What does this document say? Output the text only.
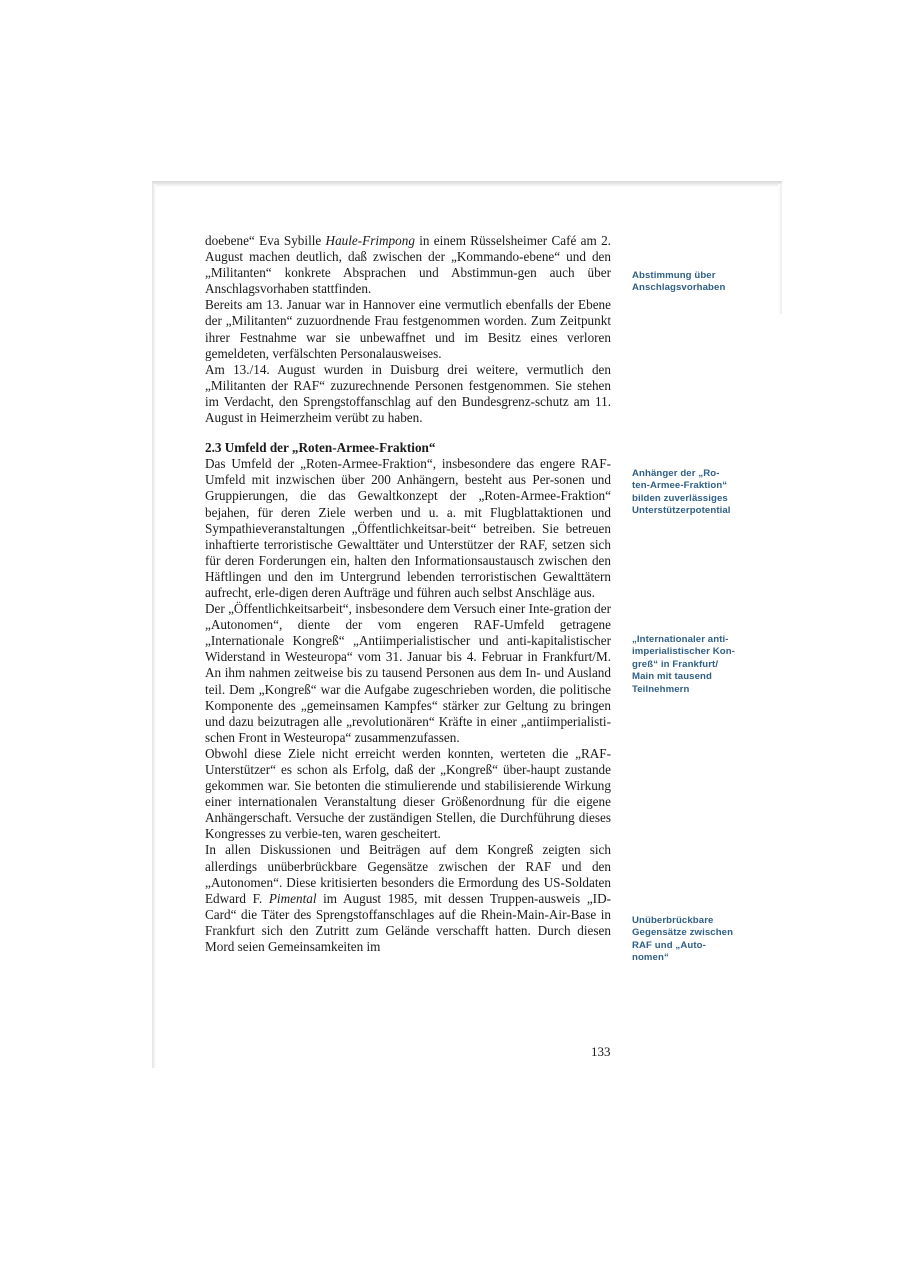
doebene“ Eva Sybille Haule-Frimpong in einem Rüsselsheimer Café am 2. August machen deutlich, daß zwischen der „Kommando-ebene“ und den „Militanten“ konkrete Absprachen und Abstimmun-gen auch über Anschlagsvorhaben stattfinden.

Bereits am 13. Januar war in Hannover eine vermutlich ebenfalls der Ebene der „Militanten“ zuzuordnende Frau festgenommen worden. Zum Zeitpunkt ihrer Festnahme war sie unbewaffnet und im Besitz eines verloren gemeldeten, verfälschten Personalausweises.

Am 13./14. August wurden in Duisburg drei weitere, vermutlich den „Militanten der RAF“ zuzurechnende Personen festgenommen. Sie stehen im Verdacht, den Sprengstoffanschlag auf den Bundesgrenz-schutz am 11. August in Heimerzheim verübt zu haben.

2.3 Umfeld der „Roten-Armee-Fraktion“

Das Umfeld der „Roten-Armee-Fraktion“, insbesondere das engere RAF-Umfeld mit inzwischen über 200 Anhängern, besteht aus Per-sonen und Gruppierungen, die das Gewaltkonzept der „Roten-Armee-Fraktion“ bejahen, für deren Ziele werben und u. a. mit Flugblattaktionen und Sympathieveranstaltungen „Öffentlichkeitsar-beit“ betreiben. Sie betreuen inhaftierte terroristische Gewalttäter und Unterstützer der RAF, setzen sich für deren Forderungen ein, halten den Informationsaustausch zwischen den Häftlingen und den im Untergrund lebenden terroristischen Gewalttätern aufrecht, erle-digen deren Aufträge und führen auch selbst Anschläge aus.

Der „Öffentlichkeitsarbeit“, insbesondere dem Versuch einer Inte-gration der „Autonomen“, diente der vom engeren RAF-Umfeld getragene „Internationale Kongreß“ „Antiimperialistischer und anti-kapitalistischer Widerstand in Westeuropa“ vom 31. Januar bis 4. Februar in Frankfurt/M. An ihm nahmen zeitweise bis zu tausend Personen aus dem In- und Ausland teil. Dem „Kongreß“ war die Aufgabe zugeschrieben worden, die politische Komponente des „gemeinsamen Kampfes“ stärker zur Geltung zu bringen und dazu beizutragen alle „revolutionären“ Kräfte in einer „antiimperialisti-schen Front in Westeuropa“ zusammenzufassen.

Obwohl diese Ziele nicht erreicht werden konnten, werteten die „RAF-Unterstützer“ es schon als Erfolg, daß der „Kongreß“ über-haupt zustande gekommen war. Sie betonten die stimulierende und stabilisierende Wirkung einer internationalen Veranstaltung dieser Größenordnung für die eigene Anhängerschaft. Versuche der zuständigen Stellen, die Durchführung dieses Kongresses zu verbie-ten, waren gescheitert.

In allen Diskussionen und Beiträgen auf dem Kongreß zeigten sich allerdings unüberbrückbare Gegensätze zwischen der RAF und den „Autonomen“. Diese kritisierten besonders die Ermordung des US-Soldaten Edward F. Pimental im August 1985, mit dessen Truppen-ausweis „ID-Card“ die Täter des Sprengstoffanschlages auf die Rhein-Main-Air-Base in Frankfurt sich den Zutritt zum Gelände verschafft hatten. Durch diesen Mord seien Gemeinsamkeiten im

Abstimmung über
Anschlagsvorhaben
Anhänger der „Ro-
ten-Armee-Fraktion“
bilden zuverlässiges
Unterstützerpotential
„Internationaler anti-
imperialistischer Kon-
greß“ in Frankfurt/
Main mit tausend
Teilnehmern
Unüberbrückbare
Gegensätze zwischen
RAF und „Auto-
nomen“
133
